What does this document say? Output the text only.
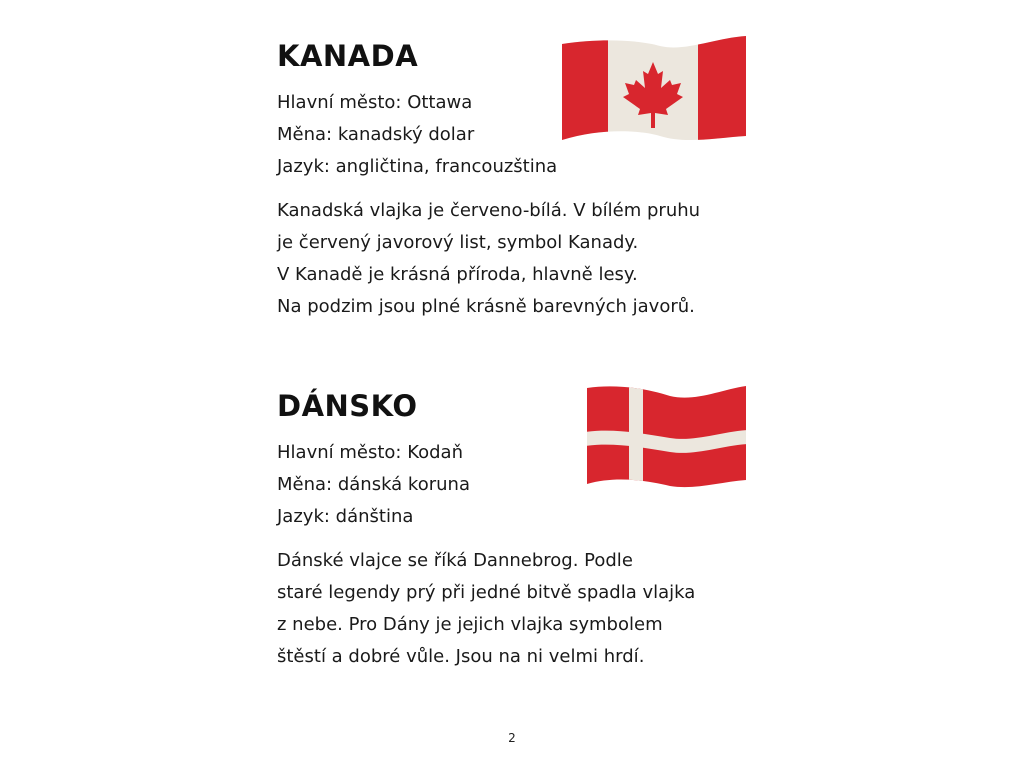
KANADA
Hlavní město: Ottawa
Měna: kanadský dolar
Jazyk: angličtina, francouzština
Kanadská vlajka je červeno-bílá. V bílém pruhu
je červený javorový list, symbol Kanady.
V Kanadě je krásná příroda, hlavně lesy.
Na podzim jsou plné krásně barevných javorů.
DÁNSKO
Hlavní město: Kodaň
Měna: dánská koruna
Jazyk: dánština
Dánské vlajce se říká Dannebrog. Podle
staré legendy prý při jedné bitvě spadla vlajka
z nebe. Pro Dány je jejich vlajka symbolem
štěstí a dobré vůle. Jsou na ni velmi hrdí.
2
